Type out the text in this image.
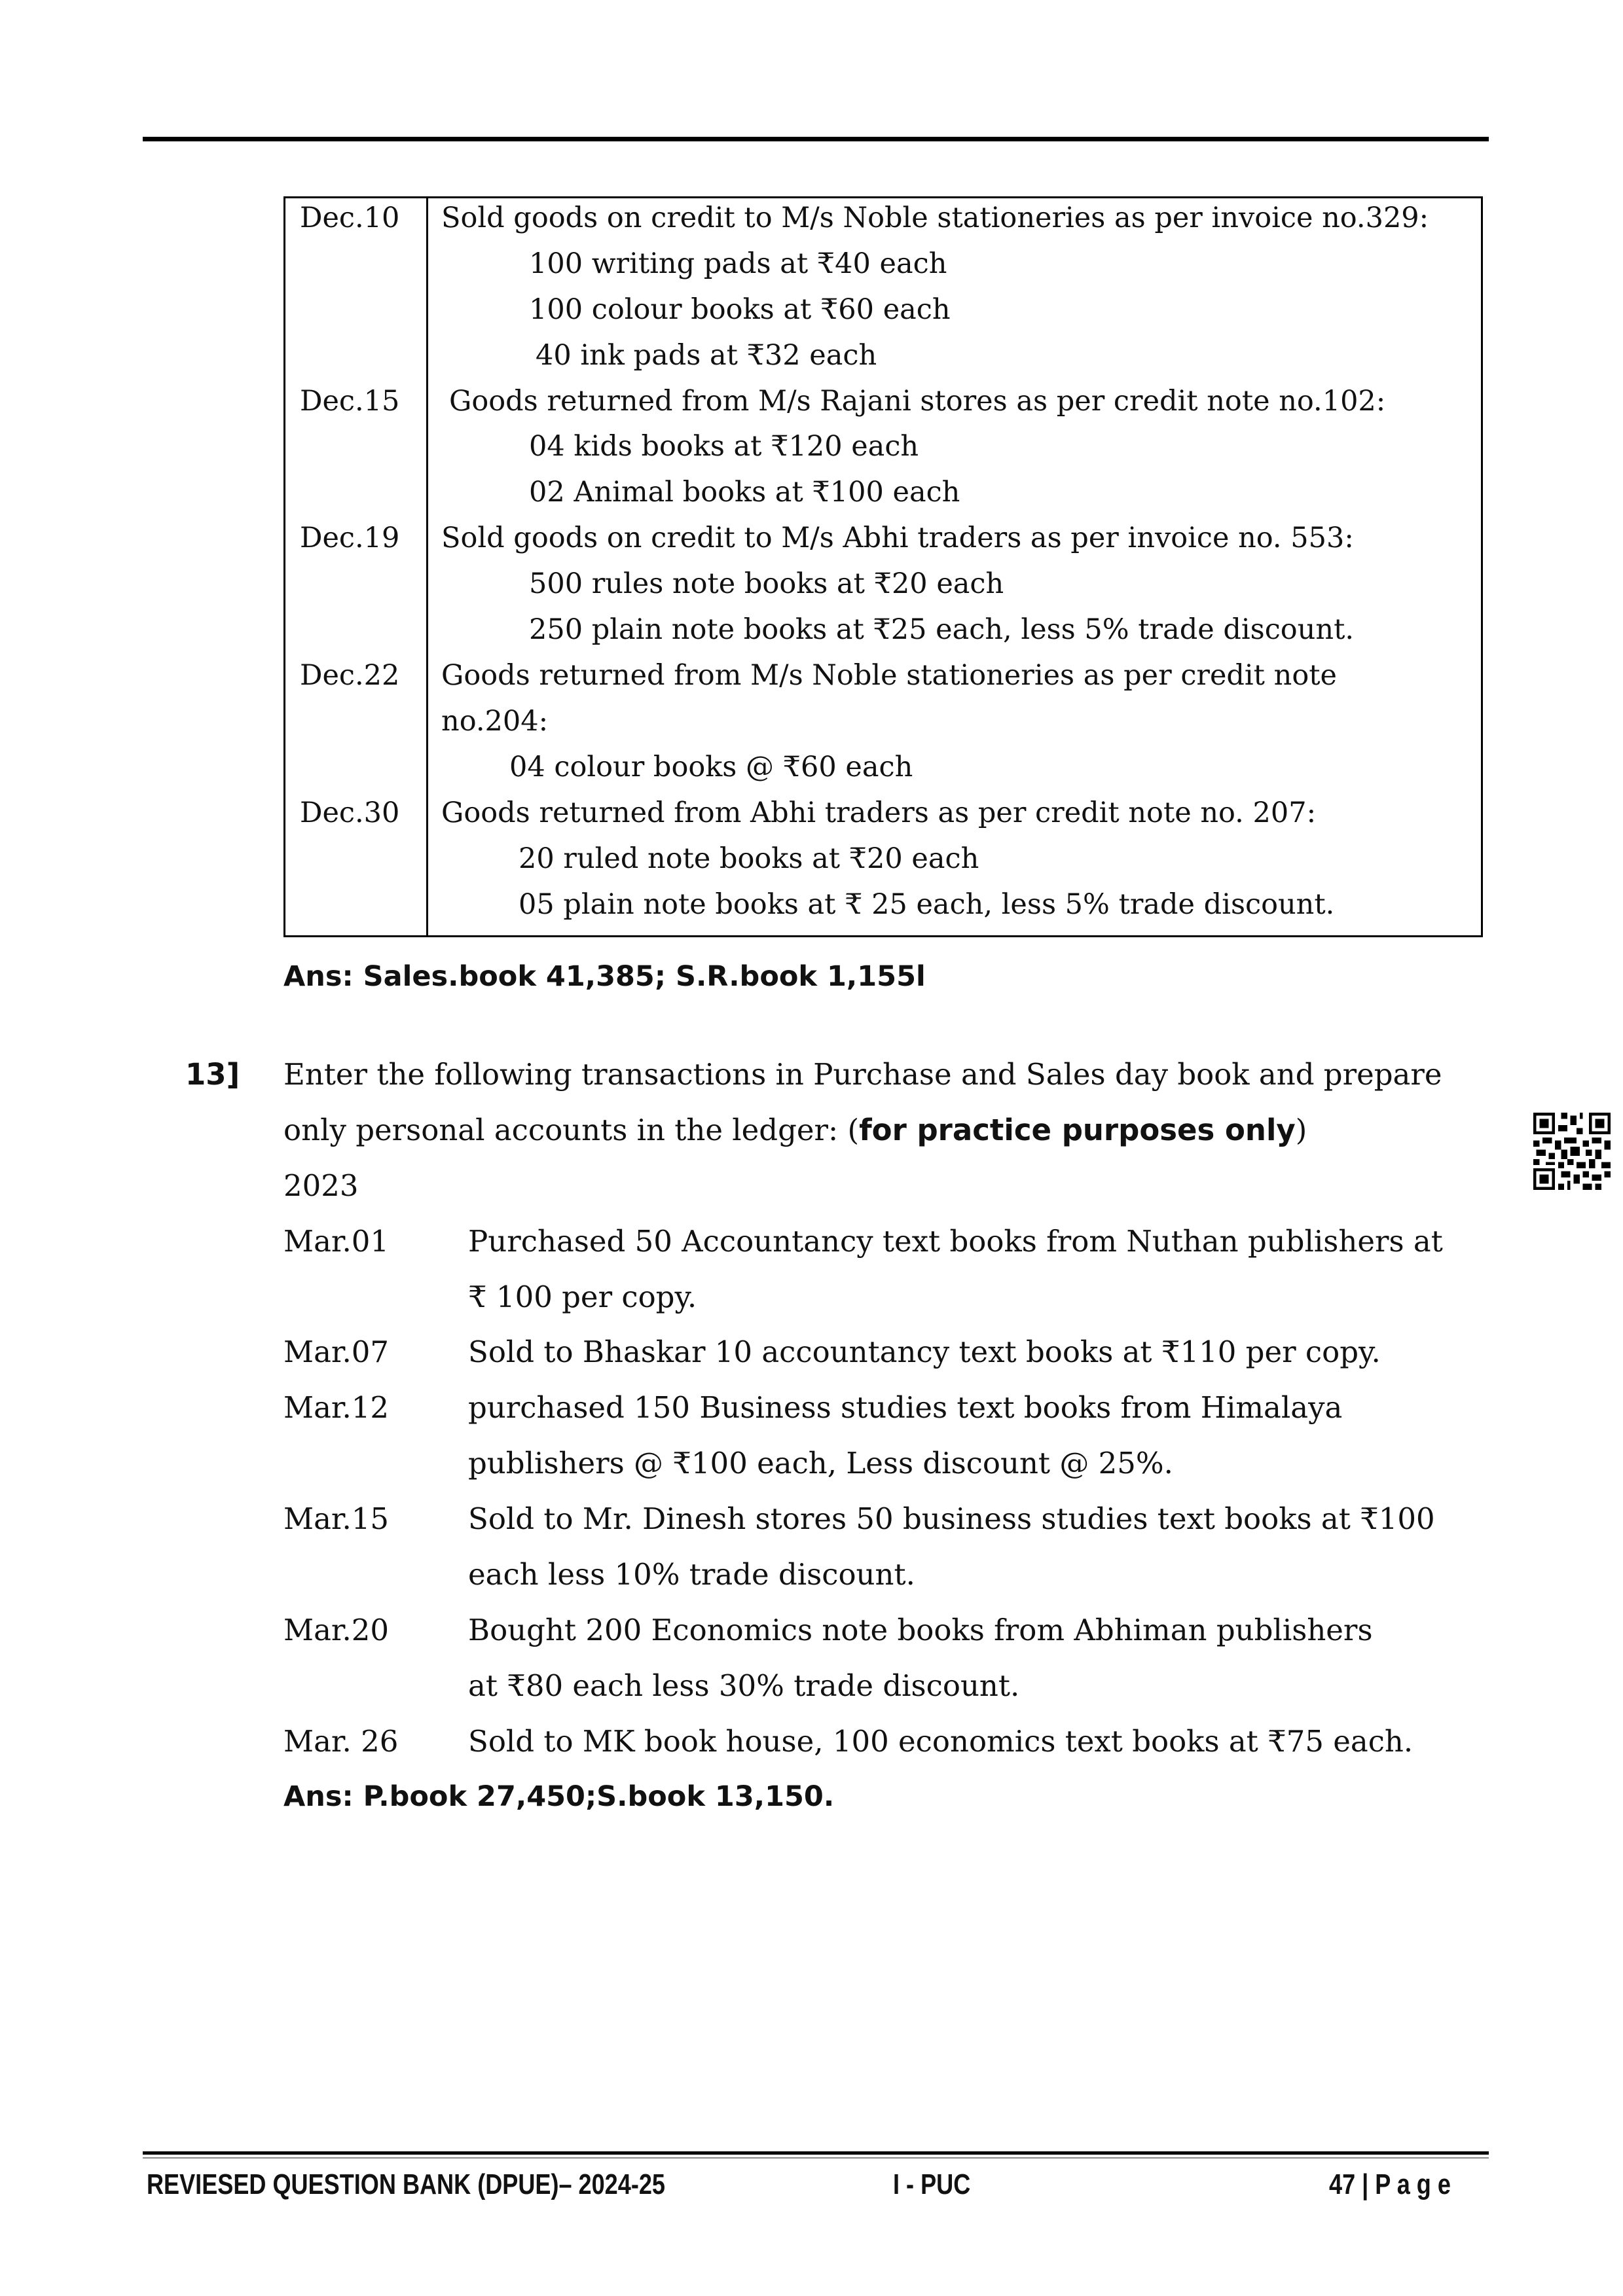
Dec.10 Sold goods on credit to M/s Noble stationeries as per invoice no.329:
100 writing pads at ₹40 each
100 colour books at ₹60 each
40 ink pads at ₹32 each
Dec.15 Goods returned from M/s Rajani stores as per credit note no.102:
04 kids books at ₹120 each
02 Animal books at ₹100 each
Dec.19 Sold goods on credit to M/s Abhi traders as per invoice no. 553:
500 rules note books at ₹20 each
250 plain note books at ₹25 each, less 5% trade discount.
Dec.22 Goods returned from M/s Noble stationeries as per credit note
no.204:
04 colour books @ ₹60 each
Dec.30 Goods returned from Abhi traders as per credit note no. 207:
20 ruled note books at ₹20 each
05 plain note books at ₹ 25 each, less 5% trade discount.
Ans: Sales.book 41,385; S.R.book 1,155l
13] Enter the following transactions in Purchase and Sales day book and prepare
only personal accounts in the ledger: (for practice purposes only)
2023
Mar.01	Purchased 50 Accountancy text books from Nuthan publishers at
₹ 100 per copy.
Mar.07	Sold to Bhaskar 10 accountancy text books at ₹110 per copy.
Mar.12	purchased 150 Business studies text books from Himalaya
publishers @ ₹100 each, Less discount @ 25%.
Mar.15	Sold to Mr. Dinesh stores 50 business studies text books at ₹100
each less 10% trade discount.
Mar.20	Bought 200 Economics note books from Abhiman publishers
at ₹80 each less 30% trade discount.
Mar. 26 Sold to MK book house, 100 economics text books at ₹75 each.
Ans: P.book 27,450;S.book 13,150.
REVIESED QUESTION BANK (DPUE)– 2024-25	I - PUC	47 | P a g e
